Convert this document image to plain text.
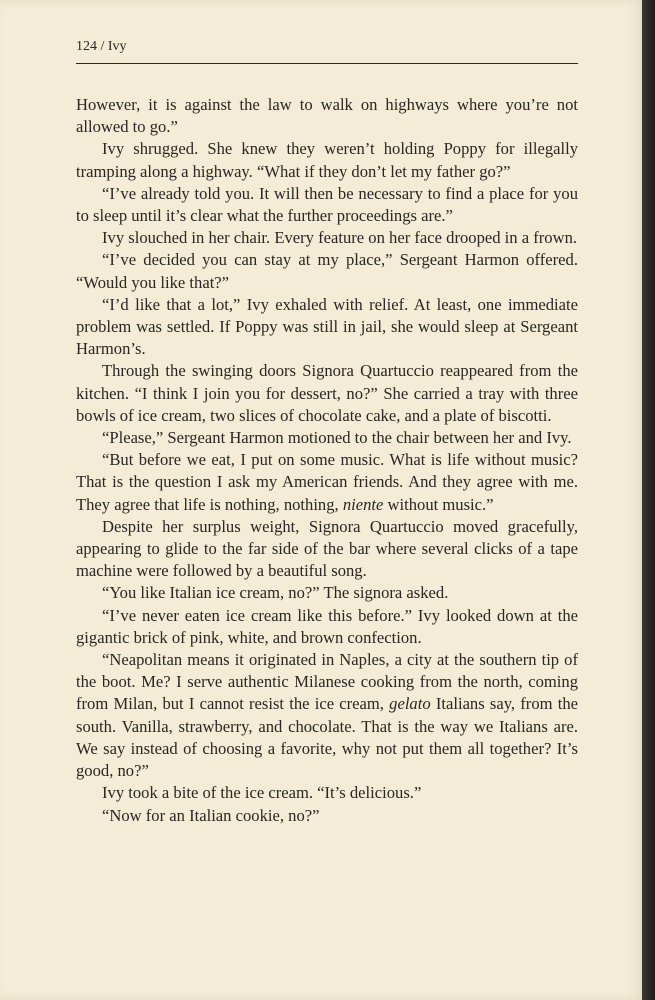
124 / Ivy

However, it is against the law to walk on highways where you’re not allowed to go.”

Ivy shrugged. She knew they weren’t holding Poppy for illegally tramping along a highway. “What if they don’t let my father go?”

“I’ve already told you. It will then be necessary to find a place for you to sleep until it’s clear what the further proceedings are.”

Ivy slouched in her chair. Every feature on her face drooped in a frown.

“I’ve decided you can stay at my place,” Sergeant Harmon offered. “Would you like that?”

“I’d like that a lot,” Ivy exhaled with relief. At least, one immediate problem was settled. If Poppy was still in jail, she would sleep at Sergeant Harmon’s.

Through the swinging doors Signora Quartuccio reappeared from the kitchen. “I think I join you for dessert, no?” She carried a tray with three bowls of ice cream, two slices of chocolate cake, and a plate of biscotti.

“Please,” Sergeant Harmon motioned to the chair between her and Ivy.

“But before we eat, I put on some music. What is life without music? That is the question I ask my American friends. And they agree with me. They agree that life is nothing, nothing, niente without music.”

Despite her surplus weight, Signora Quartuccio moved gracefully, appearing to glide to the far side of the bar where several clicks of a tape machine were followed by a beautiful song.

“You like Italian ice cream, no?” The signora asked.

“I’ve never eaten ice cream like this before.” Ivy looked down at the gigantic brick of pink, white, and brown confection.

“Neapolitan means it originated in Naples, a city at the southern tip of the boot. Me? I serve authentic Milanese cooking from the north, coming from Milan, but I cannot resist the ice cream, gelato Italians say, from the south. Vanilla, strawberry, and chocolate. That is the way we Italians are. We say instead of choosing a favorite, why not put them all together? It’s good, no?”

Ivy took a bite of the ice cream. “It’s delicious.”

“Now for an Italian cookie, no?”
